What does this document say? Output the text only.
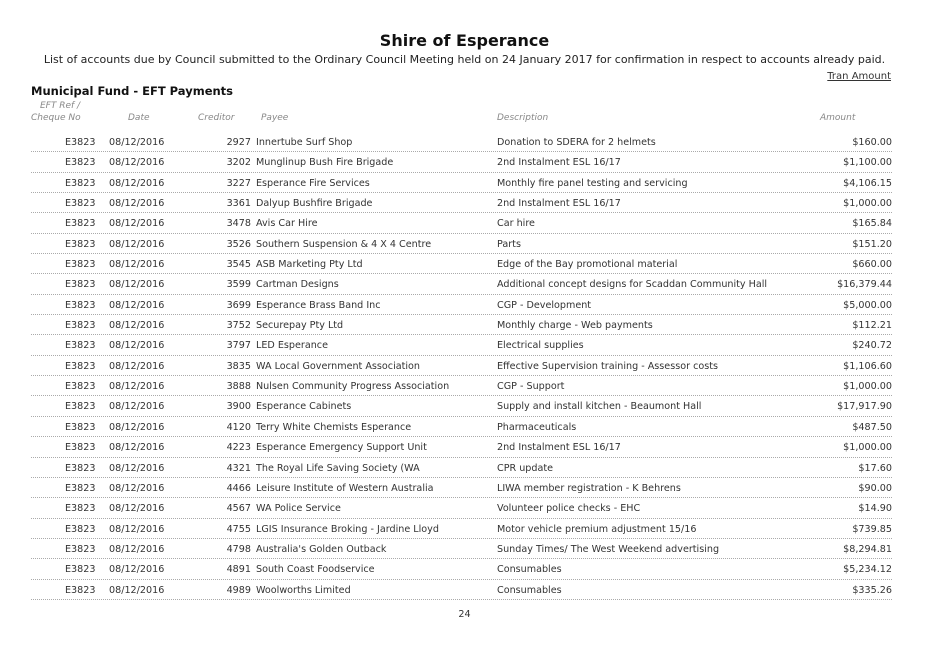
Shire of Esperance
List of accounts due by Council submitted to the Ordinary Council Meeting held on 24 January 2017 for confirmation in respect to accounts already paid.
Tran Amount
Municipal Fund - EFT Payments
EFT Ref /
Cheque No	Date	Creditor	Payee	Description	Amount
E3823 08/12/2016	2927 Innertube Surf Shop	Donation to SDERA for 2 helmets	$160.00
E3823 08/12/2016	3202 Munglinup Bush Fire Brigade	2nd Instalment ESL 16/17	$1,100.00
E3823 08/12/2016	3227 Esperance Fire Services	Monthly fire panel testing and servicing	$4,106.15
E3823 08/12/2016	3361 Dalyup Bushfire Brigade	2nd Instalment ESL 16/17	$1,000.00
E3823 08/12/2016	3478 Avis Car Hire	Car hire	$165.84
E3823 08/12/2016	3526 Southern Suspension & 4 X 4 Centre	Parts	$151.20
E3823 08/12/2016	3545 ASB Marketing Pty Ltd	Edge of the Bay promotional material	$660.00
E3823 08/12/2016	3599 Cartman Designs	Additional concept designs for Scaddan Community Hall	$16,379.44
E3823 08/12/2016	3699 Esperance Brass Band Inc	CGP - Development	$5,000.00
E3823 08/12/2016	3752 Securepay Pty Ltd	Monthly charge - Web payments	$112.21
E3823 08/12/2016	3797 LED Esperance	Electrical supplies	$240.72
E3823 08/12/2016	3835 WA Local Government Association	Effective Supervision training - Assessor costs	$1,106.60
E3823 08/12/2016	3888 Nulsen Community Progress Association	CGP - Support	$1,000.00
E3823 08/12/2016	3900 Esperance Cabinets	Supply and install kitchen - Beaumont Hall	$17,917.90
E3823 08/12/2016	4120 Terry White Chemists Esperance	Pharmaceuticals	$487.50
E3823 08/12/2016	4223 Esperance Emergency Support Unit	2nd Instalment ESL 16/17	$1,000.00
E3823 08/12/2016	4321 The Royal Life Saving Society (WA	CPR update	$17.60
E3823 08/12/2016	4466 Leisure Institute of Western Australia	LIWA member registration - K Behrens	$90.00
E3823 08/12/2016	4567 WA Police Service	Volunteer police checks - EHC	$14.90
E3823 08/12/2016	4755 LGIS Insurance Broking - Jardine Lloyd	Motor vehicle premium adjustment 15/16	$739.85
E3823 08/12/2016	4798 Australia's Golden Outback	Sunday Times/ The West Weekend advertising	$8,294.81
E3823 08/12/2016	4891 South Coast Foodservice	Consumables	$5,234.12
E3823 08/12/2016	4989 Woolworths Limited	Consumables	$335.26
24
